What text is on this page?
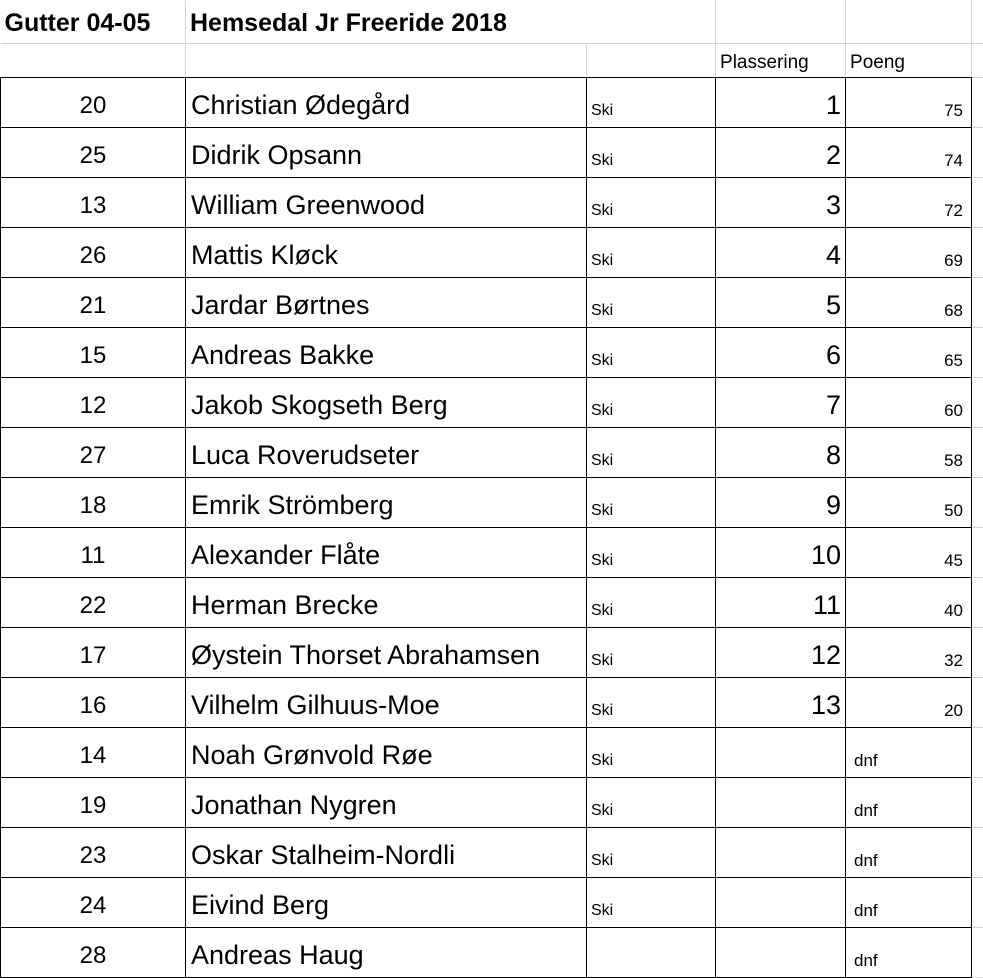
Gutter 04-05	Hemsedal Jr Freeride 2018				
			Plassering	Poeng	
20	Christian Ødegård	Ski	1	75	
25	Didrik Opsann	Ski	2	74	
13	William Greenwood	Ski	3	72	
26	Mattis Kløck	Ski	4	69	
21	Jardar Børtnes	Ski	5	68	
15	Andreas Bakke	Ski	6	65	
12	Jakob Skogseth Berg	Ski	7	60	
27	Luca Roverudseter	Ski	8	58	
18	Emrik Strömberg	Ski	9	50	
11	Alexander Flåte	Ski	10	45	
22	Herman Brecke	Ski	11	40	
17	Øystein Thorset Abrahamsen	Ski	12	32	
16	Vilhelm Gilhuus-Moe	Ski	13	20	
14	Noah Grønvold Røe	Ski		dnf	
19	Jonathan Nygren	Ski		dnf	
23	Oskar Stalheim-Nordli	Ski		dnf	
24	Eivind Berg	Ski		dnf	
28	Andreas Haug			dnf	
